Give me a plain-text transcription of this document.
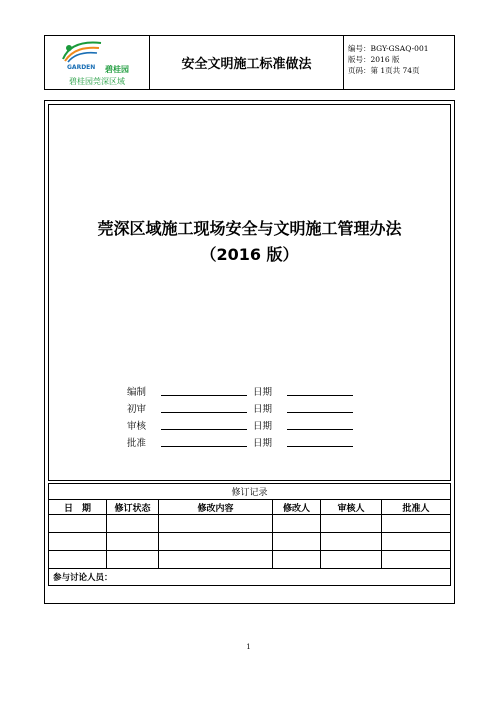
GARDEN 碧桂园
碧桂园莞深区域
安全文明施工标准做法
编号：BGY-GSAQ-001
版号：2016 版
页码：第 1页共 74页
莞深区域施工现场安全与文明施工管理办法
（2016 版）
编制	日期
初审	日期
审核	日期
批准	日期
修订记录					
日　期	修订状态	修改内容	修改人	审核人	批准人

参与讨论人员：					
1
